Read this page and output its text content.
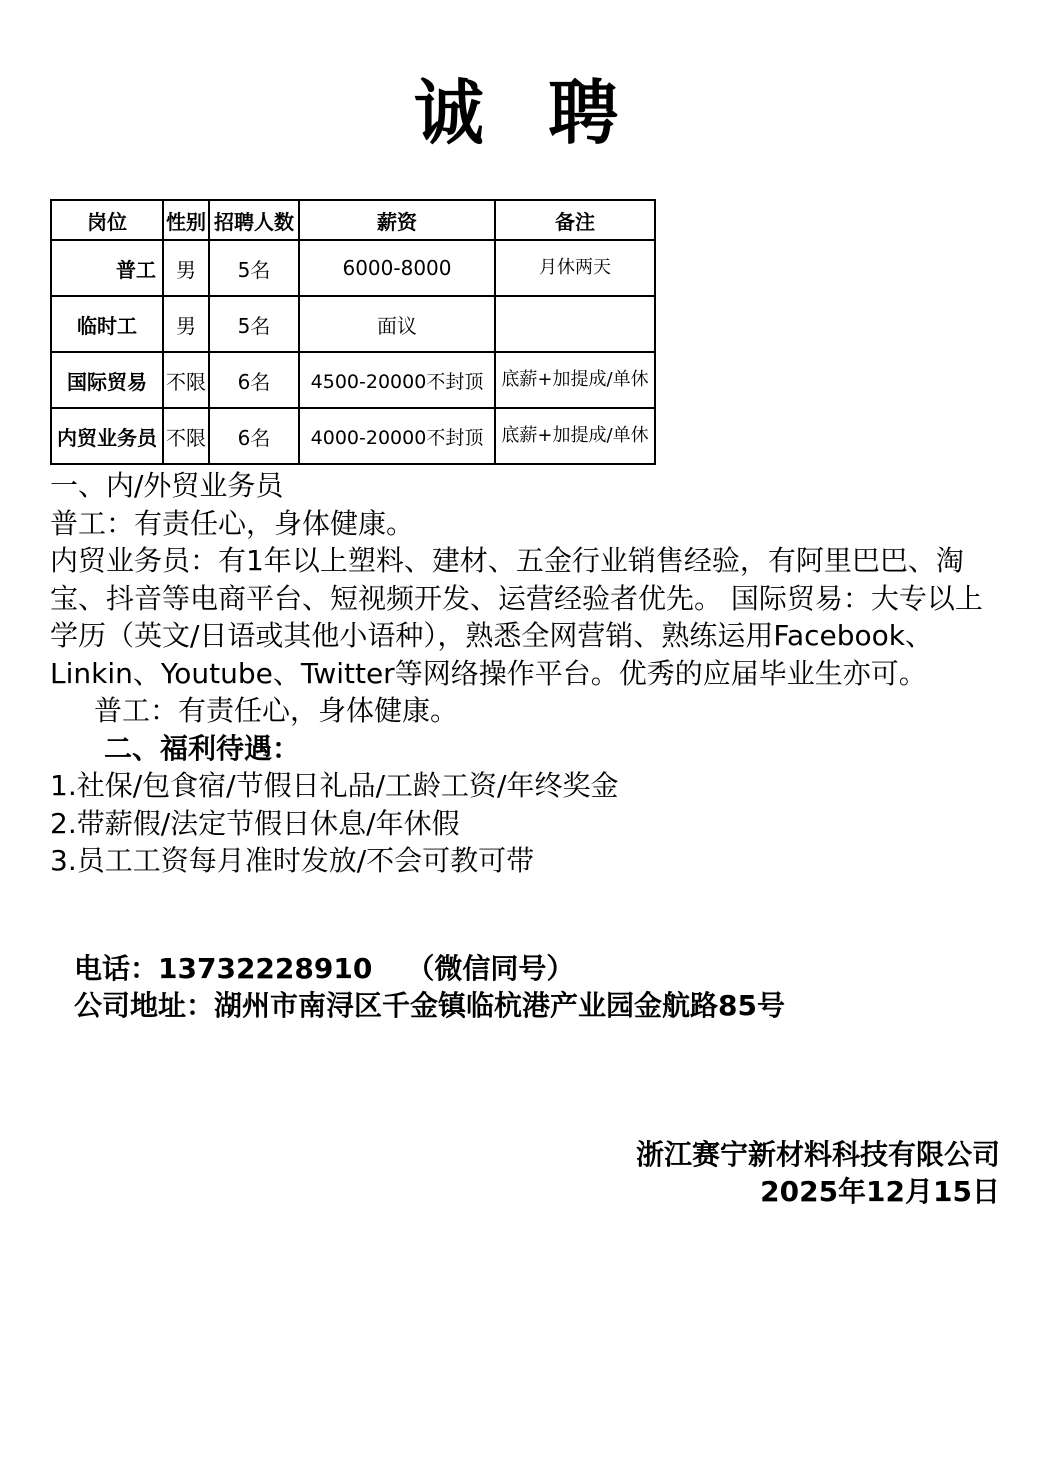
诚 聘
岗位	性别	招聘人数	薪资	备注
普工	男	5名	6000-8000	月休两天
临时工	男	5名	面议	
国际贸易	不限	6名	4500-20000不封顶	底薪+加提成/单休
内贸业务员	不限	6名	4000-20000不封顶	底薪+加提成/单休

一、内/外贸业务员

普工：有责任心，身体健康。

内贸业务员：有1年以上塑料、建材、五金行业销售经验，有阿里巴巴、淘宝、抖音等电商平台、短视频开发、运营经验者优先。 国际贸易：大专以上学历（英文/日语或其他小语种），熟悉全网营销、熟练运用Facebook、Linkin、Youtube、Twitter等网络操作平台。优秀的应届毕业生亦可。

普工：有责任心，身体健康。

二、福利待遇：

1.社保/包食宿/节假日礼品/工龄工资/年终奖金

2.带薪假/法定节假日休息/年休假

3.员工工资每月准时发放/不会可教可带

电话：13732228910 （微信同号）
公司地址：湖州市南浔区千金镇临杭港产业园金航路85号
浙江赛宁新材料科技有限公司
2025年12月15日
